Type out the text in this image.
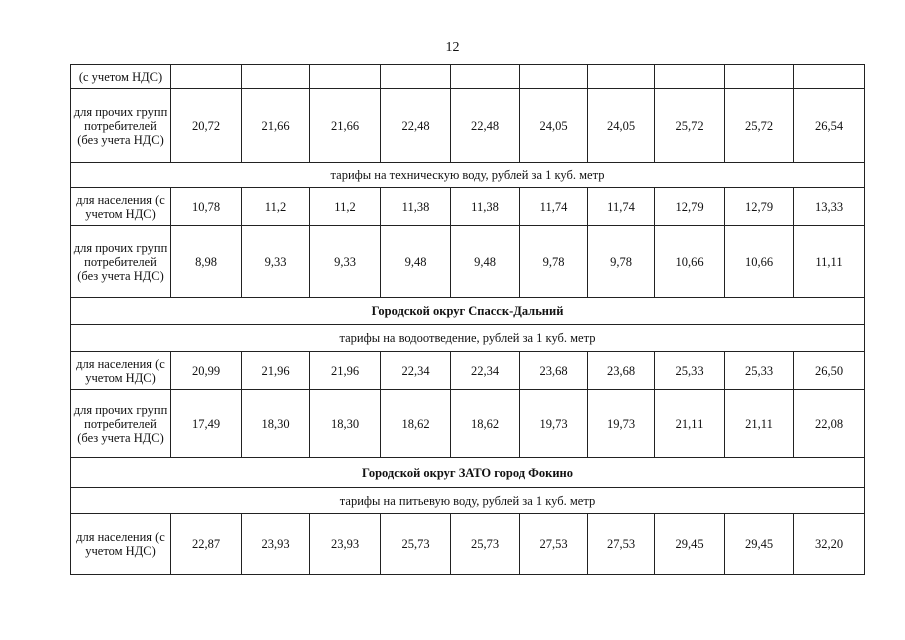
12
(с учетом НДС)										
для прочих групп потребителей (без учета НДС)	20,72	21,66	21,66	22,48	22,48	24,05	24,05	25,72	25,72	26,54
тарифы на техническую воду, рублей за 1 куб. метр										
для населения (с учетом НДС)	10,78	11,2	11,2	11,38	11,38	11,74	11,74	12,79	12,79	13,33
для прочих групп потребителей (без учета НДС)	8,98	9,33	9,33	9,48	9,48	9,78	9,78	10,66	10,66	11,11
Городской округ Спасск-Дальний										
тарифы на водоотведение, рублей за 1 куб. метр										
для населения (с учетом НДС)	20,99	21,96	21,96	22,34	22,34	23,68	23,68	25,33	25,33	26,50
для прочих групп потребителей (без учета НДС)	17,49	18,30	18,30	18,62	18,62	19,73	19,73	21,11	21,11	22,08
Городской округ ЗАТО город Фокино										
тарифы на питьевую воду, рублей за 1 куб. метр										
для населения (с учетом НДС)	22,87	23,93	23,93	25,73	25,73	27,53	27,53	29,45	29,45	32,20
